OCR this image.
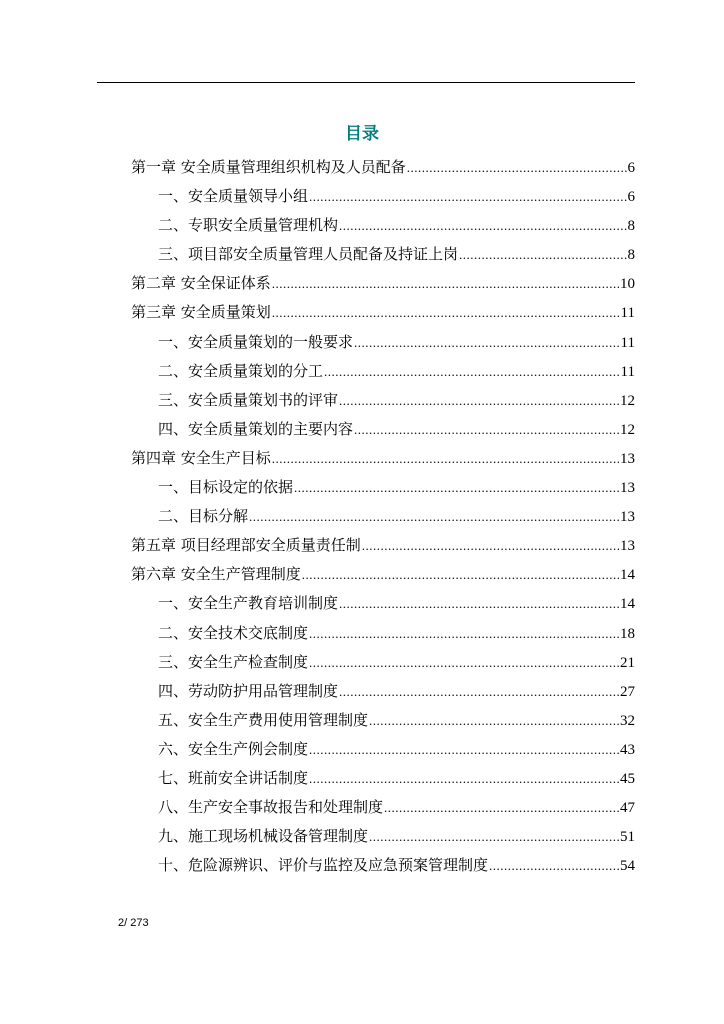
目录
第一章 安全质量管理组织机构及人员配备 .....	6
一、安全质量领导小组 .....	6
二、专职安全质量管理机构 .....	8
三、项目部安全质量管理人员配备及持证上岗 .....	8
第二章 安全保证体系 .....	10
第三章 安全质量策划 .....	11
一、安全质量策划的一般要求 .....	11
二、安全质量策划的分工 .....	11
三、安全质量策划书的评审 .....	12
四、安全质量策划的主要内容 .....	12
第四章 安全生产目标 .....	13
一、目标设定的依据 .....	13
二、目标分解 .....	13
第五章 项目经理部安全质量责任制 .....	13
第六章 安全生产管理制度 .....	14
一、安全生产教育培训制度 .....	14
二、安全技术交底制度 .....	18
三、安全生产检查制度 .....	21
四、劳动防护用品管理制度 .....	27
五、安全生产费用使用管理制度 .....	32
六、安全生产例会制度 .....	43
七、班前安全讲话制度 .....	45
八、生产安全事故报告和处理制度 .....	47
九、施工现场机械设备管理制度 .....	51
十、危险源辨识、评价与监控及应急预案管理制度 .....	54
2/ 273
